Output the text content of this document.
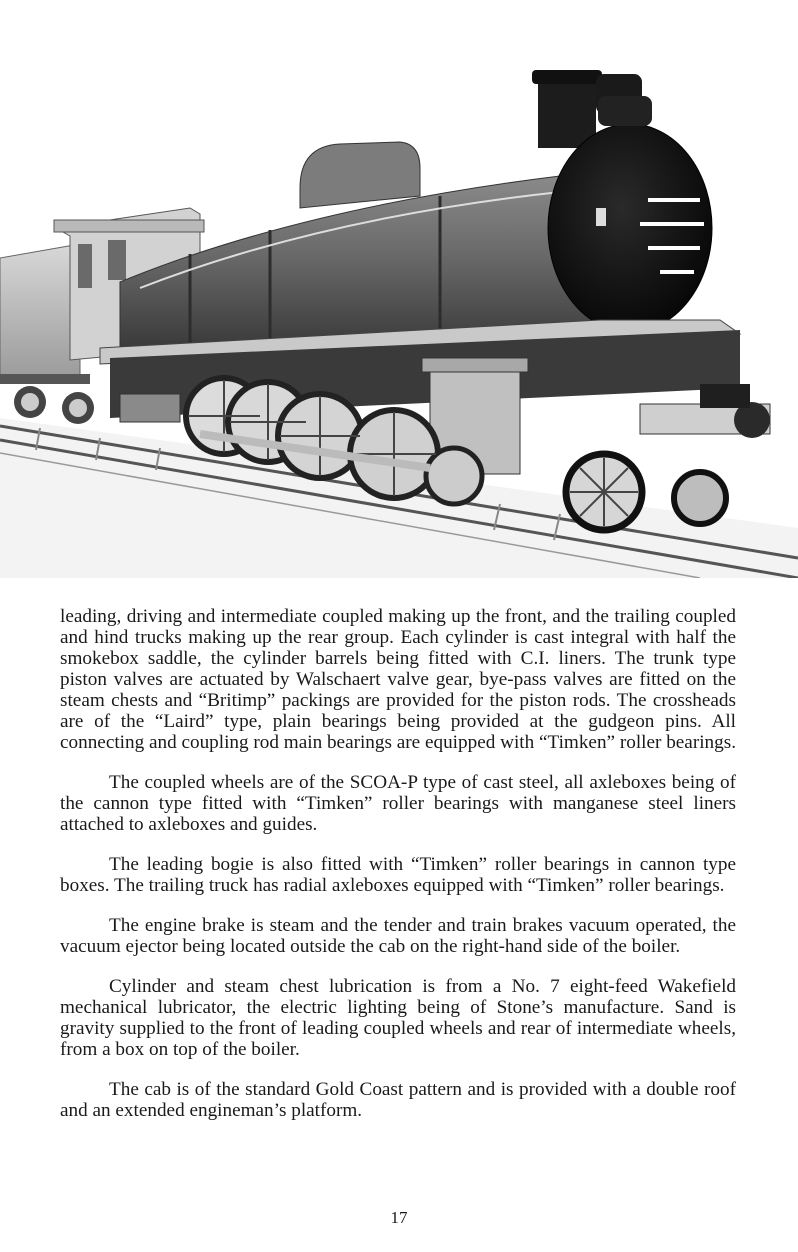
leading, driving and intermediate coupled making up the front, and the trailing coupled and hind trucks making up the rear group. Each cylinder is cast integral with half the smokebox saddle, the cylinder barrels being fitted with C.I. liners. The trunk type piston valves are actuated by Walschaert valve gear, bye-pass valves are fitted on the steam chests and “Britimp” packings are provided for the piston rods. The crossheads are of the “Laird” type, plain bearings being provided at the gudgeon pins. All connecting and coupling rod main bearings are equipped with “Timken” roller bearings.

The coupled wheels are of the SCOA-P type of cast steel, all axleboxes being of the cannon type fitted with “Timken” roller bearings with manganese steel liners attached to axleboxes and guides.

The leading bogie is also fitted with “Timken” roller bearings in cannon type boxes. The trailing truck has radial axleboxes equipped with “Timken” roller bearings.

The engine brake is steam and the tender and train brakes vacuum operated, the vacuum ejector being located outside the cab on the right-hand side of the boiler.

Cylinder and steam chest lubrication is from a No. 7 eight-feed Wakefield mechanical lubricator, the electric lighting being of Stone’s manufacture. Sand is gravity supplied to the front of leading coupled wheels and rear of intermediate wheels, from a box on top of the boiler.

The cab is of the standard Gold Coast pattern and is provided with a double roof and an extended engineman’s platform.

17
